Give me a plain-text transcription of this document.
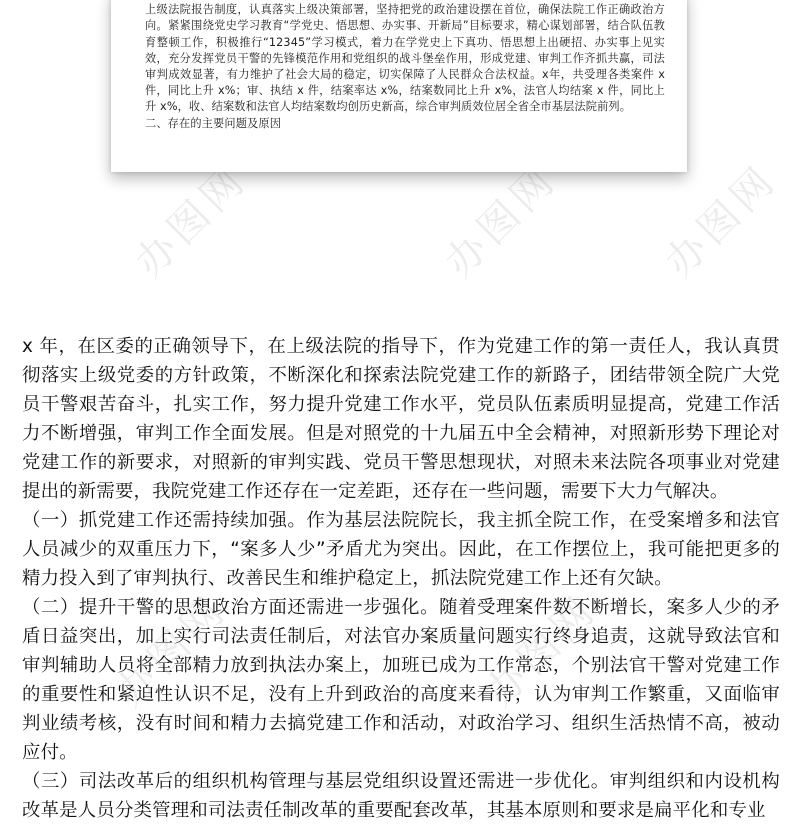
办图网	办图网 办图网
办图网	办图网

上级法院报告制度，认真落实上级决策部署，坚持把党的政治建设摆在首位，确保法院工作正确政治方向。紧紧围绕党史学习教育“学党史、悟思想、办实事、开新局”目标要求，精心谋划部署，结合队伍教育整顿工作，积极推行“12345”学习模式，着力在学党史上下真功、悟思想上出硬招、办实事上见实效，充分发挥党员干警的先锋模范作用和党组织的战斗堡垒作用，形成党建、审判工作齐抓共赢，司法审判成效显著，有力维护了社会大局的稳定，切实保障了人民群众合法权益。x年，共受理各类案件 x 件，同比上升 x%；审、执结 x 件，结案率达 x%，结案数同比上升 x%，法官人均结案 x 件，同比上升 x%，收、结案数和法官人均结案数均创历史新高，综合审判质效位居全省全市基层法院前列。

二、存在的主要问题及原因

x 年，在区委的正确领导下，在上级法院的指导下，作为党建工作的第一责任人，我认真贯彻落实上级党委的方针政策，不断深化和探索法院党建工作的新路子，团结带领全院广大党员干警艰苦奋斗，扎实工作，努力提升党建工作水平，党员队伍素质明显提高，党建工作活力不断增强，审判工作全面发展。但是对照党的十九届五中全会精神，对照新形势下理论对党建工作的新要求，对照新的审判实践、党员干警思想现状，对照未来法院各项事业对党建提出的新需要，我院党建工作还存在一定差距，还存在一些问题，需要下大力气解决。

（一）抓党建工作还需持续加强。作为基层法院院长，我主抓全院工作，在受案增多和法官人员减少的双重压力下，“案多人少”矛盾尤为突出。因此，在工作摆位上，我可能把更多的精力投入到了审判执行、改善民生和维护稳定上，抓法院党建工作上还有欠缺。

（二）提升干警的思想政治方面还需进一步强化。随着受理案件数不断增长，案多人少的矛盾日益突出，加上实行司法责任制后，对法官办案质量问题实行终身追责，这就导致法官和审判辅助人员将全部精力放到执法办案上，加班已成为工作常态，个别法官干警对党建工作的重要性和紧迫性认识不足，没有上升到政治的高度来看待，认为审判工作繁重，又面临审判业绩考核，没有时间和精力去搞党建工作和活动，对政治学习、组织生活热情不高，被动应付。

（三）司法改革后的组织机构管理与基层党组织设置还需进一步优化。审判组织和内设机构改革是人员分类管理和司法责任制改革的重要配套改革，其基本原则和要求是扁平化和专业
